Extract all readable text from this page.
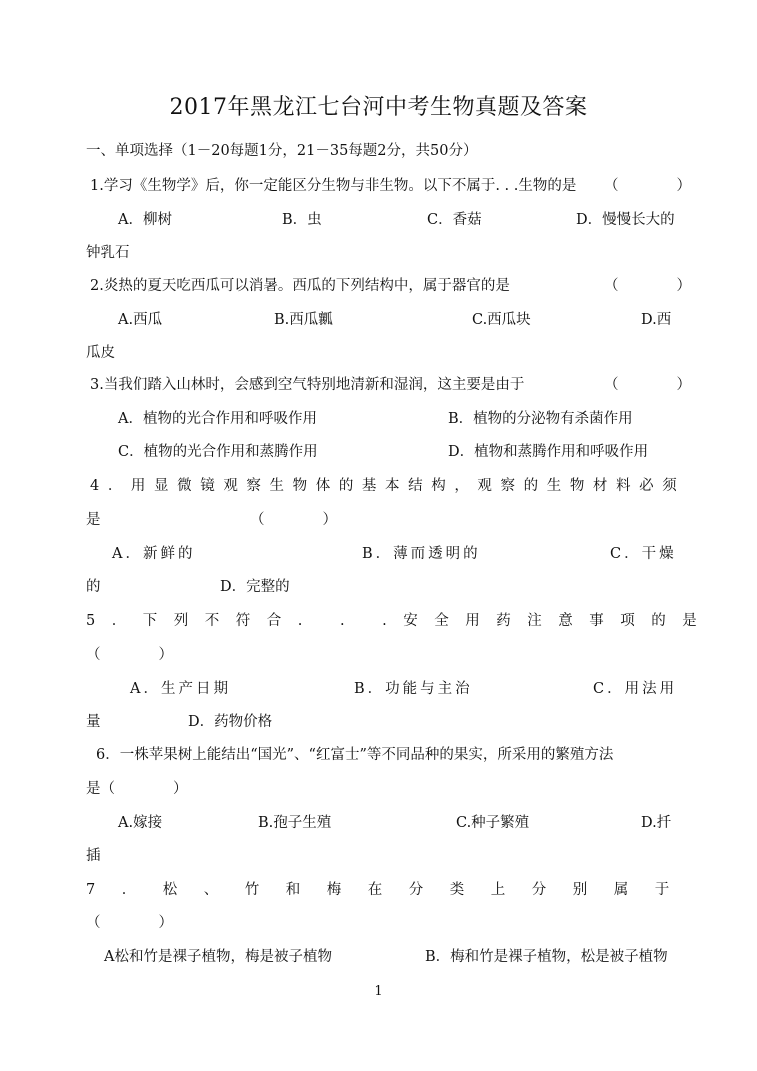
2017年黑龙江七台河中考生物真题及答案
一、单项选择（1－20每题1分，21－35每题2分，共50分）
1.学习《生物学》后，你一定能区分生物与非生物。以下不属于. . .生物的是 （　　　　）
A．柳树	B．虫	C．香菇	D．慢慢长大的
钟乳石
2.炎热的夏天吃西瓜可以消暑。西瓜的下列结构中，属于器官的是	（　　　　）
A.西瓜	B.西瓜瓤	C.西瓜块	D.西
瓜皮
3.当我们踏入山林时，会感到空气特别地清新和湿润，这主要是由于	（　　　　）
A．植物的光合作用和呼吸作用	B．植物的分泌物有杀菌作用
C．植物的光合作用和蒸腾作用	D．植物和蒸腾作用和呼吸作用
4．用显微镜观察生物体的基本结构，观察的生物材料必须
是	（　　　　）
A．新鲜的	B．薄而透明的	C．干燥
的	D．完整的
5．下列不符合. . .安全用药注意事项的是
（　　　　）
A．生产日期	B．功能与主治	C．用法用
量	D．药物价格
6．一株苹果树上能结出“国光”、“红富士”等不同品种的果实，所采用的繁殖方法
是（　　　　）
A.嫁接	B.孢子生殖	C.种子繁殖	D.扦
插
7．松、竹和梅在分类上分别属于
（　　　　）
A松和竹是裸子植物，梅是被子植物	B．梅和竹是裸子植物，松是被子植物
1
